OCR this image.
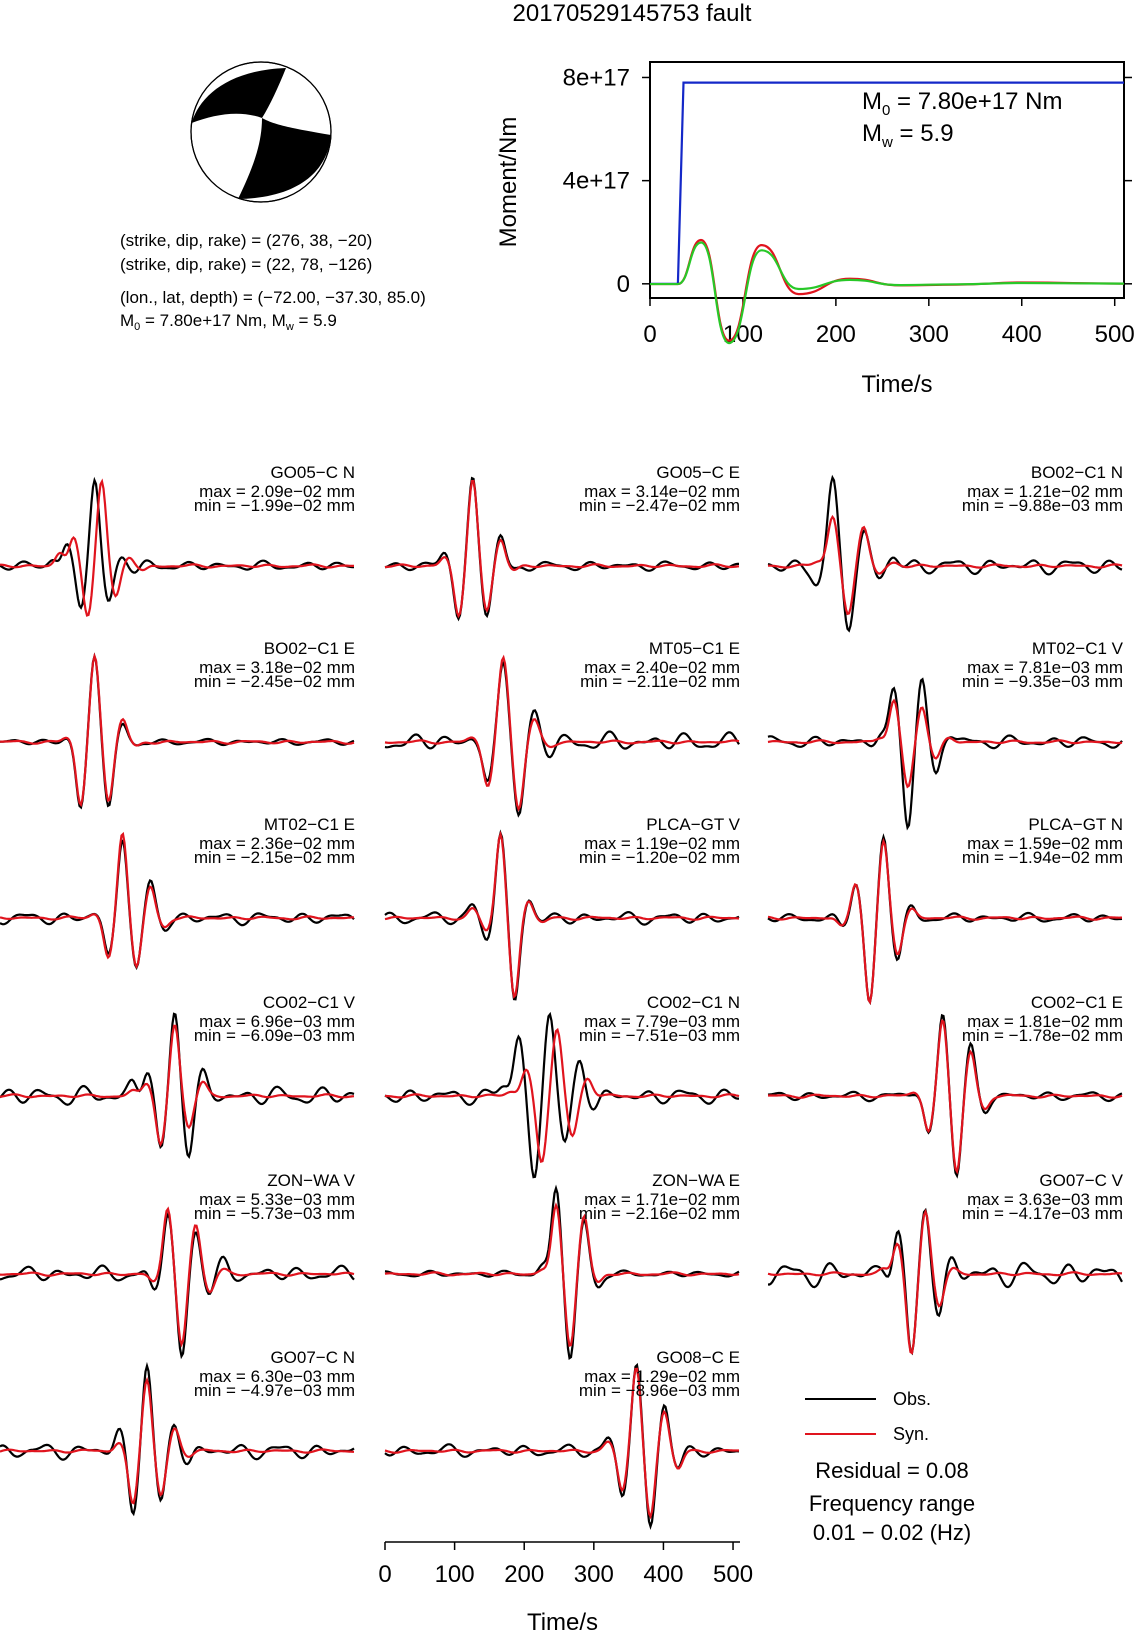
20170529145753 fault
(strike, dip, rake) = (276, 38, −20)
(strike, dip, rake) = (22, 78, −126)
(lon., lat, depth) = (−72.00, −37.30, 85.0)
$M_0 = 7.80e+17$ Nm, $M_w = 5.9$
0	100 200 300 400 500
0
4e+17
8e+17
Time/s
Moment/Nm
$M_0 = 7.80e+17$ Nm
$M_w = 5.9$
GO05−C N
max = 2.09e−02 mm
min = −1.99e−02 mm
GO05−C E
max = 3.14e−02 mm
min = −2.47e−02 mm
BO02−C1 N
max = 1.21e−02 mm
min = −9.88e−03 mm
BO02−C1 E
max = 3.18e−02 mm
min = −2.45e−02 mm
MT05−C1 E
max = 2.40e−02 mm
min = −2.11e−02 mm
MT02−C1 V
max = 7.81e−03 mm
min = −9.35e−03 mm
MT02−C1 E
max = 2.36e−02 mm
min = −2.15e−02 mm
PLCA−GT V
max = 1.19e−02 mm
min = −1.20e−02 mm
PLCA−GT N
max = 1.59e−02 mm
min = −1.94e−02 mm
CO02−C1 V
max = 6.96e−03 mm
min = −6.09e−03 mm
CO02−C1 N
max = 7.79e−03 mm
min = −7.51e−03 mm
CO02−C1 E
max = 1.81e−02 mm
min = −1.78e−02 mm
ZON−WA V
max = 5.33e−03 mm
min = −5.73e−03 mm
ZON−WA E
max = 1.71e−02 mm
min = −2.16e−02 mm
GO07−C V
max = 3.63e−03 mm
min = −4.17e−03 mm
GO07−C N
max = 6.30e−03 mm
min = −4.97e−03 mm
GO08−C E
max = 1.29e−02 mm
min = −8.96e−03 mm	Obs.
Syn.
Residual = 0.08
Frequency range
0.01 − 0.02 (Hz)
0 100 200 300 400 500
Time/s
